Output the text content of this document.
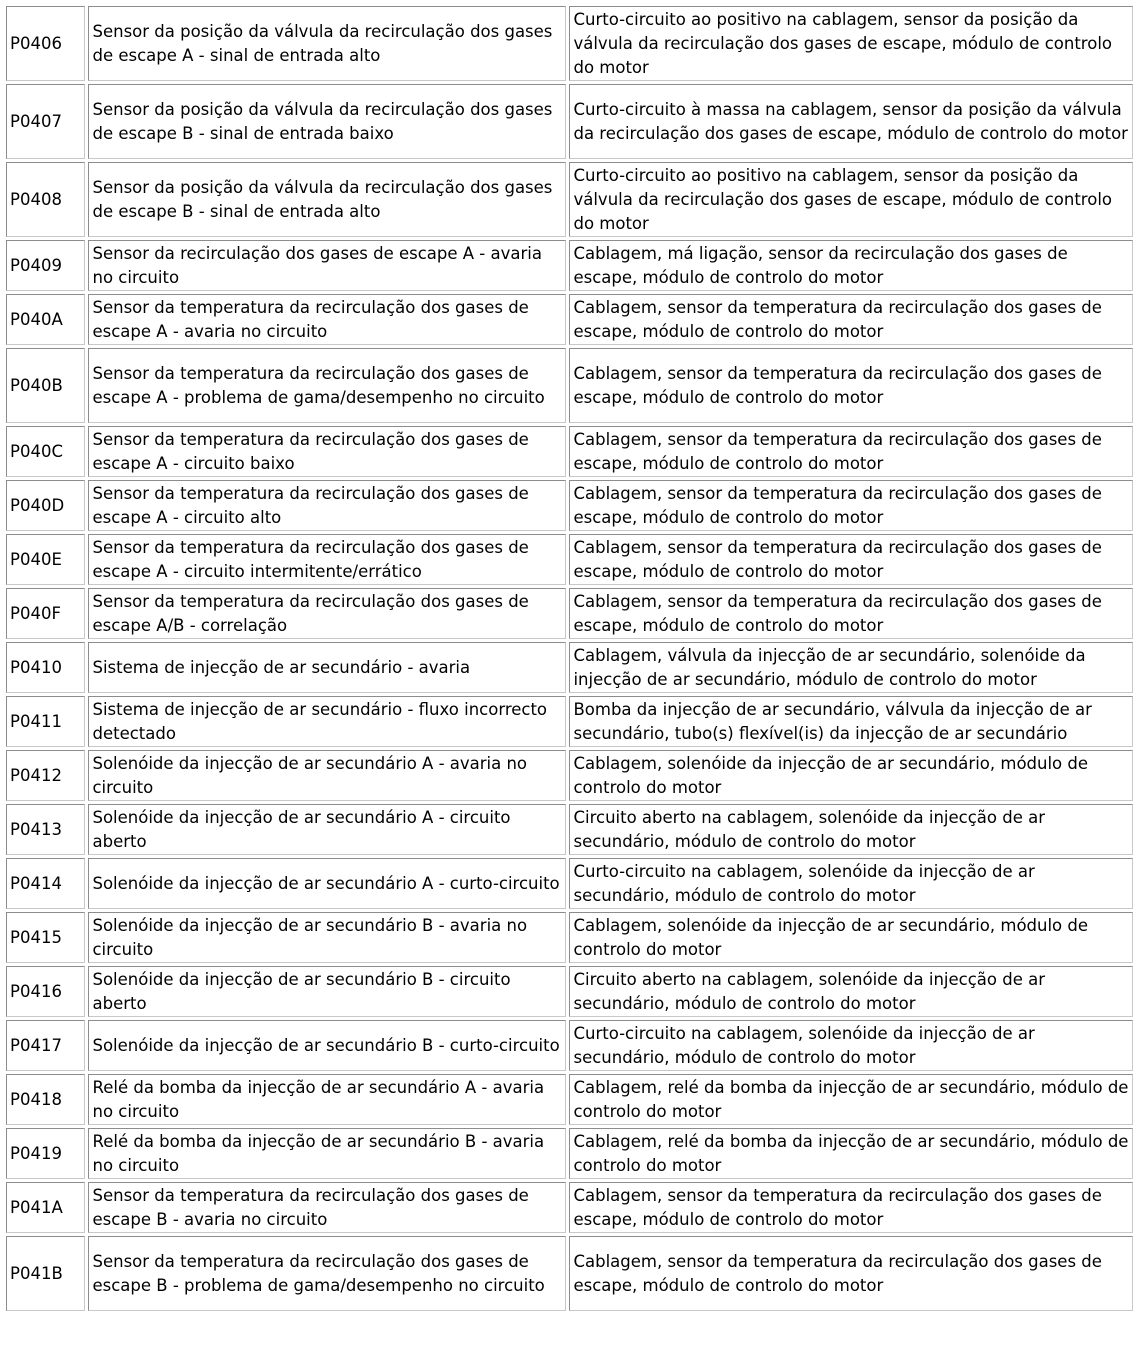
P0406	Sensor da posição da válvula da recirculação dos gases de escape A - sinal de entrada alto	Curto-circuito ao positivo na cablagem, sensor da posição da válvula da recirculação dos gases de escape, módulo de controlo do motor
P0407	Sensor da posição da válvula da recirculação dos gases de escape B - sinal de entrada baixo	Curto-circuito à massa na cablagem, sensor da posição da válvula da recirculação dos gases de escape, módulo de controlo do motor
P0408	Sensor da posição da válvula da recirculação dos gases de escape B - sinal de entrada alto	Curto-circuito ao positivo na cablagem, sensor da posição da válvula da recirculação dos gases de escape, módulo de controlo do motor
P0409	Sensor da recirculação dos gases de escape A - avaria no circuito	Cablagem, má ligação, sensor da recirculação dos gases de escape, módulo de controlo do motor
P040A	Sensor da temperatura da recirculação dos gases de escape A - avaria no circuito	Cablagem, sensor da temperatura da recirculação dos gases de escape, módulo de controlo do motor
P040B	Sensor da temperatura da recirculação dos gases de escape A - problema de gama/desempenho no circuito	Cablagem, sensor da temperatura da recirculação dos gases de escape, módulo de controlo do motor
P040C	Sensor da temperatura da recirculação dos gases de escape A - circuito baixo	Cablagem, sensor da temperatura da recirculação dos gases de escape, módulo de controlo do motor
P040D	Sensor da temperatura da recirculação dos gases de escape A - circuito alto	Cablagem, sensor da temperatura da recirculação dos gases de escape, módulo de controlo do motor
P040E	Sensor da temperatura da recirculação dos gases de escape A - circuito intermitente/errático	Cablagem, sensor da temperatura da recirculação dos gases de escape, módulo de controlo do motor
P040F	Sensor da temperatura da recirculação dos gases de escape A/B - correlação	Cablagem, sensor da temperatura da recirculação dos gases de escape, módulo de controlo do motor
P0410	Sistema de injecção de ar secundário - avaria	Cablagem, válvula da injecção de ar secundário, solenóide da injecção de ar secundário, módulo de controlo do motor
P0411	Sistema de injecção de ar secundário - fluxo incorrecto detectado	Bomba da injecção de ar secundário, válvula da injecção de ar secundário, tubo(s) flexível(is) da injecção de ar secundário
P0412	Solenóide da injecção de ar secundário A - avaria no circuito	Cablagem, solenóide da injecção de ar secundário, módulo de controlo do motor
P0413	Solenóide da injecção de ar secundário A - circuito aberto	Circuito aberto na cablagem, solenóide da injecção de ar secundário, módulo de controlo do motor
P0414	Solenóide da injecção de ar secundário A - curto-circuito	Curto-circuito na cablagem, solenóide da injecção de ar secundário, módulo de controlo do motor
P0415	Solenóide da injecção de ar secundário B - avaria no circuito	Cablagem, solenóide da injecção de ar secundário, módulo de controlo do motor
P0416	Solenóide da injecção de ar secundário B - circuito aberto	Circuito aberto na cablagem, solenóide da injecção de ar secundário, módulo de controlo do motor
P0417	Solenóide da injecção de ar secundário B - curto-circuito	Curto-circuito na cablagem, solenóide da injecção de ar secundário, módulo de controlo do motor
P0418	Relé da bomba da injecção de ar secundário A - avaria no circuito	Cablagem, relé da bomba da injecção de ar secundário, módulo de controlo do motor
P0419	Relé da bomba da injecção de ar secundário B - avaria no circuito	Cablagem, relé da bomba da injecção de ar secundário, módulo de controlo do motor
P041A	Sensor da temperatura da recirculação dos gases de escape B - avaria no circuito	Cablagem, sensor da temperatura da recirculação dos gases de escape, módulo de controlo do motor
P041B	Sensor da temperatura da recirculação dos gases de escape B - problema de gama/desempenho no circuito	Cablagem, sensor da temperatura da recirculação dos gases de escape, módulo de controlo do motor
